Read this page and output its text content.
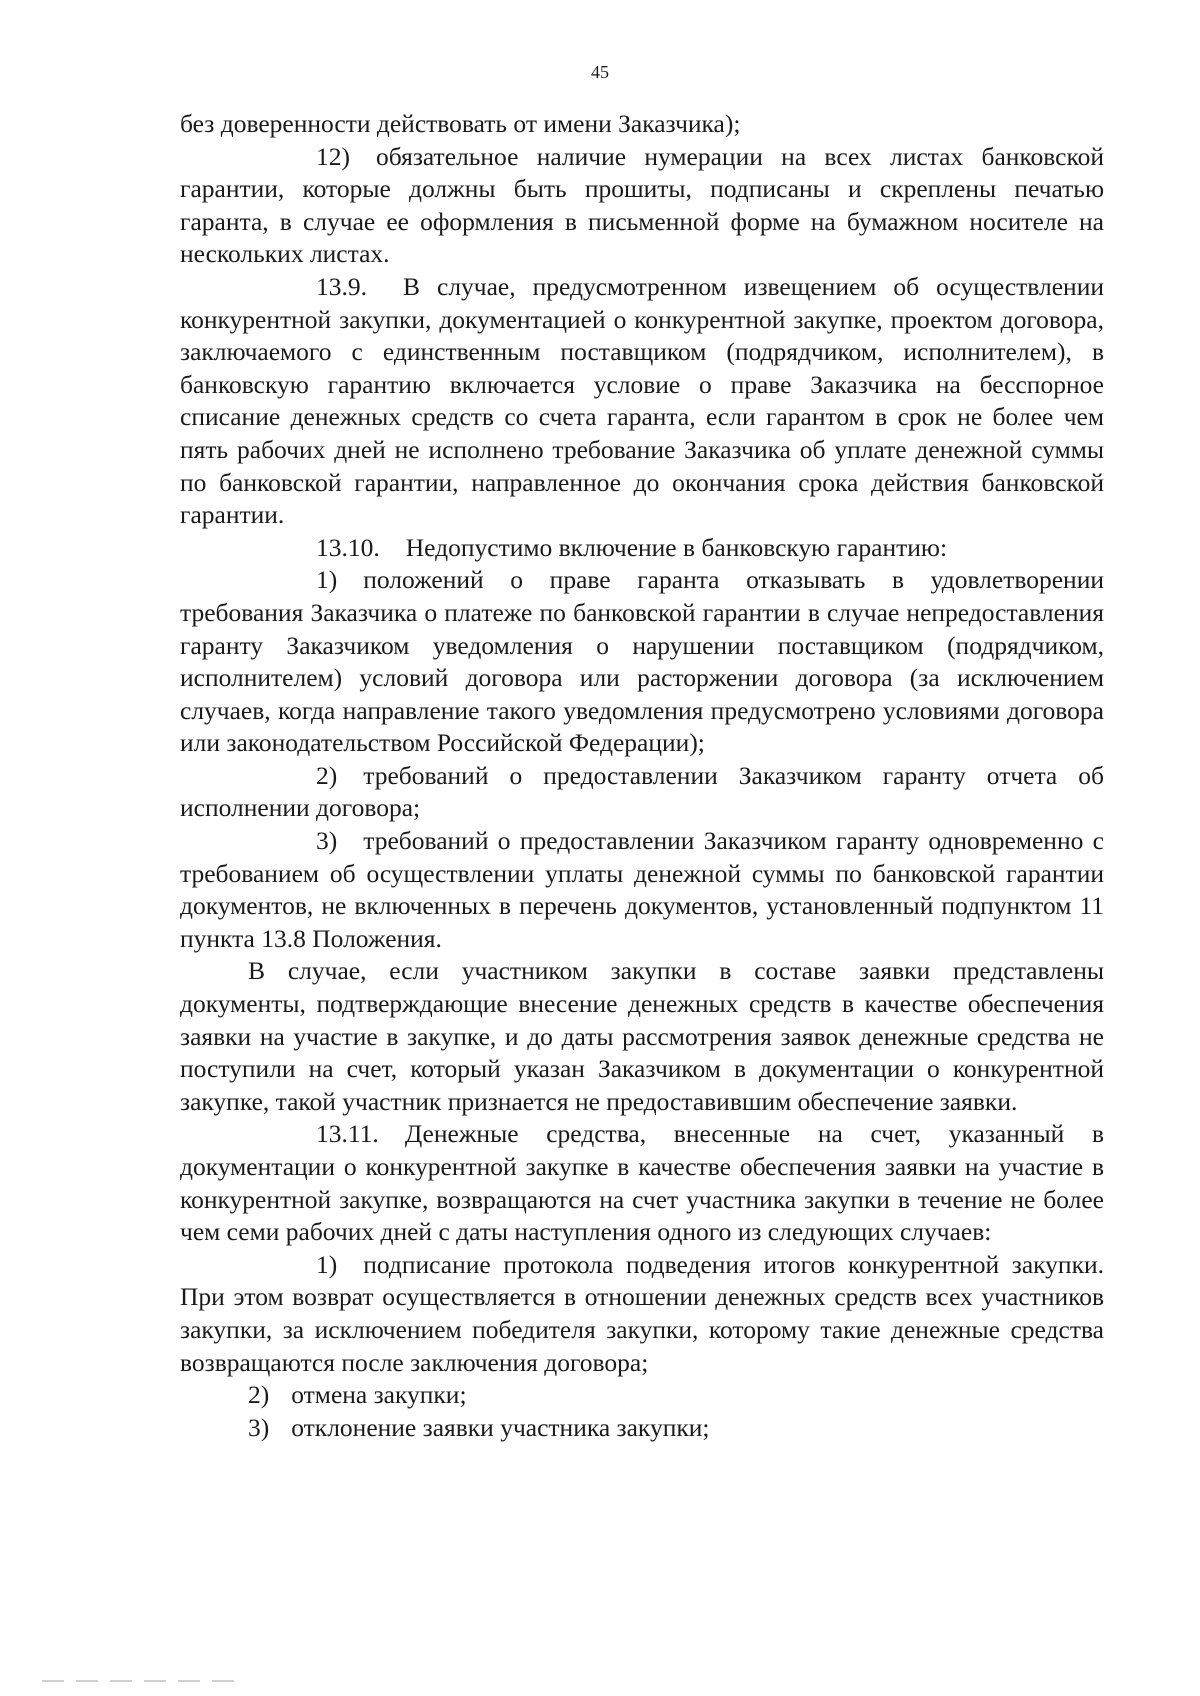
45

без доверенности действовать от имени Заказчика);

12) обязательное наличие нумерации на всех листах банковской гарантии, которые должны быть прошиты, подписаны и скреплены печатью гаранта, в случае ее оформления в письменной форме на бумажном носителе на нескольких листах.

13.9. В случае, предусмотренном извещением об осуществлении конкурентной закупки, документацией о конкурентной закупке, проектом договора, заключаемого с единственным поставщиком (подрядчиком, исполнителем), в банковскую гарантию включается условие о праве Заказчика на бесспорное списание денежных средств со счета гаранта, если гарантом в срок не более чем пять рабочих дней не исполнено требование Заказчика об уплате денежной суммы по банковской гарантии, направленное до окончания срока действия банковской гарантии.

13.10. Недопустимо включение в банковскую гарантию:

1) положений о праве гаранта отказывать в удовлетворении требования Заказчика о платеже по банковской гарантии в случае непредоставления гаранту Заказчиком уведомления о нарушении поставщиком (подрядчиком, исполнителем) условий договора или расторжении договора (за исключением случаев, когда направление такого уведомления предусмотрено условиями договора или законодательством Российской Федерации);

2) требований о предоставлении Заказчиком гаранту отчета об исполнении договора;

3) требований о предоставлении Заказчиком гаранту одновременно с требованием об осуществлении уплаты денежной суммы по банковской гарантии документов, не включенных в перечень документов, установленный подпунктом 11 пункта 13.8 Положения.

В случае, если участником закупки в составе заявки представлены документы, подтверждающие внесение денежных средств в качестве обеспечения заявки на участие в закупке, и до даты рассмотрения заявок денежные средства не поступили на счет, который указан Заказчиком в документации о конкурентной закупке, такой участник признается не предоставившим обеспечение заявки.

13.11. Денежные средства, внесенные на счет, указанный в документации о конкурентной закупке в качестве обеспечения заявки на участие в конкурентной закупке, возвращаются на счет участника закупки в течение не более чем семи рабочих дней с даты наступления одного из следующих случаев:

1) подписание протокола подведения итогов конкурентной закупки. При этом возврат осуществляется в отношении денежных средств всех участников закупки, за исключением победителя закупки, которому такие денежные средства возвращаются после заключения договора;

2) отмена закупки;

3) отклонение заявки участника закупки;
